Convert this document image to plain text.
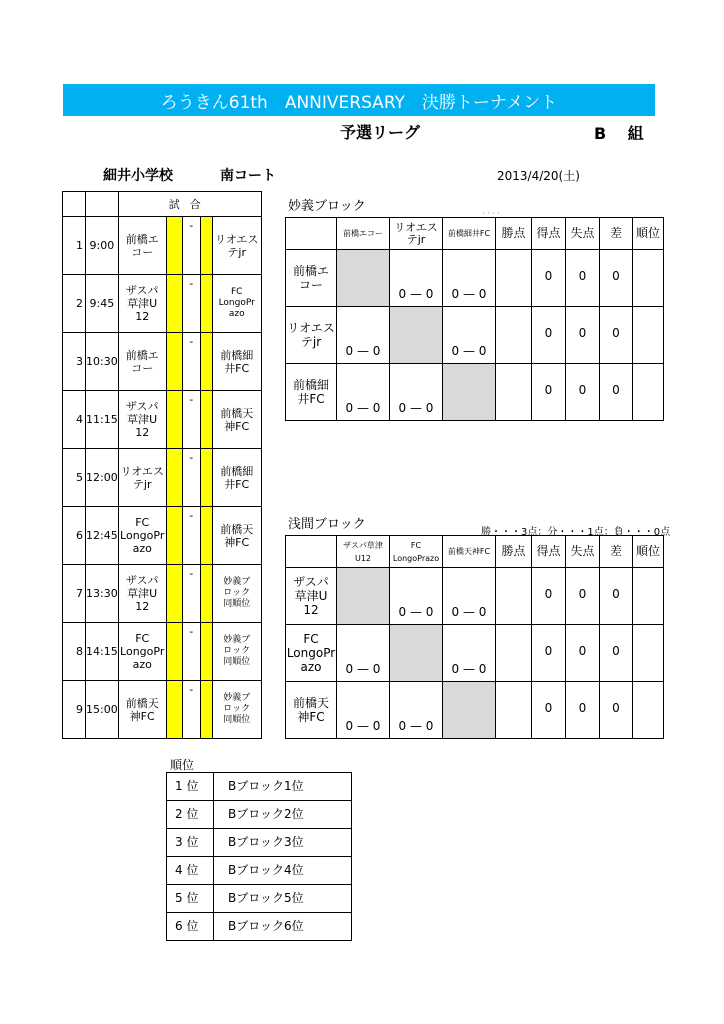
ろうきん61th　ANNIVERSARY　決勝トーナメント
予選リーグ	B　 組
細井小学校	南コート	2013/4/20(土)
		試合				
1	9:00	前橋エ
コー		-		リオエス
テjr
2	9:45	ザスパ
草津U
12		-		FC
LongoPr
azo
3	10:30	前橋エ
コー		-		前橋細
井FC
4	11:15	ザスパ
草津U
12		-		前橋天
神FC
5	12:00	リオエス
テjr		-		前橋細
井FC
6	12:45	FC
LongoPr
azo		-		前橋天
神FC
7	13:30	ザスパ
草津U
12		-		妙義ブ
ロック
同順位
8	14:15	FC
LongoPr
azo		-		妙義ブ
ロック
同順位
9	15:00	前橋天
神FC		-		妙義ブ
ロック
同順位
妙義ブロック	・・・・
	前橋エコー	リオエステjr	前橋細井FC	勝点	得点	失点	差	順位
前橋エ
コー		0 — 0	0 — 0		0	0	0	
リオエス
テjr	0 — 0		0 — 0		0	0	0	
前橋細
井FC	0 — 0	0 — 0			0	0	0	
浅間ブロック
勝・・・3点：分・・・1点：負・・・0点
	ザスパ草津U12	FC LongoPrazo	前橋天神FC	勝点	得点	失点	差	順位
ザスパ
草津U
12		0 — 0	0 — 0		0	0	0	
FC
LongoPr
azo	0 — 0		0 — 0		0	0	0	
前橋天
神FC	0 — 0	0 — 0			0	0	0	
順位
1 位	Bブロック1位
2 位	Bブロック2位
3 位	Bブロック3位
4 位	Bブロック4位
5 位	Bブロック5位
6 位	Bブロック6位
